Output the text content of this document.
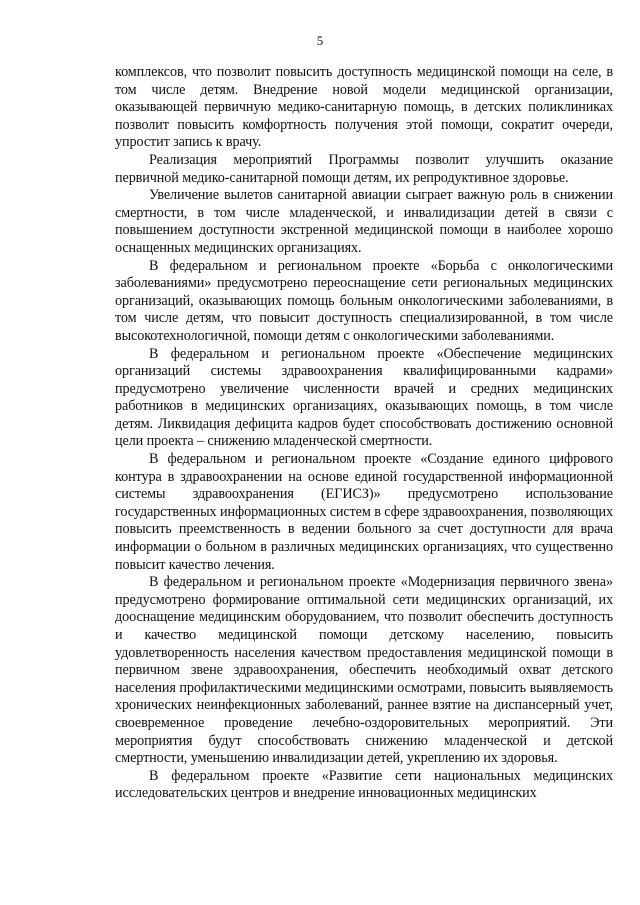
5

комплексов, что позволит повысить доступность медицинской помощи на селе, в том числе детям. Внедрение новой модели медицинской организации, оказывающей первичную медико-санитарную помощь, в детских поликлиниках позволит повысить комфортность получения этой помощи, сократит очереди, упростит запись к врачу.

Реализация мероприятий Программы позволит улучшить оказание первичной медико-санитарной помощи детям, их репродуктивное здоровье.

Увеличение вылетов санитарной авиации сыграет важную роль в снижении смертности, в том числе младенческой, и инвалидизации детей в связи с повышением доступности экстренной медицинской помощи в наиболее хорошо оснащенных медицинских организациях.

В федеральном и региональном проекте «Борьба с онкологическими заболеваниями» предусмотрено переоснащение сети региональных медицинских организаций, оказывающих помощь больным онкологическими заболеваниями, в том числе детям, что повысит доступность специализированной, в том числе высокотехнологичной, помощи детям с онкологическими заболеваниями.

В федеральном и региональном проекте «Обеспечение медицинских организаций системы здравоохранения квалифицированными кадрами» предусмотрено увеличение численности врачей и средних медицинских работников в медицинских организациях, оказывающих помощь, в том числе детям. Ликвидация дефицита кадров будет способствовать достижению основной цели проекта – снижению младенческой смертности.

В федеральном и региональном проекте «Создание единого цифрового контура в здравоохранении на основе единой государственной информационной системы здравоохранения (ЕГИСЗ)» предусмотрено использование государственных информационных систем в сфере здравоохранения, позволяющих повысить преемственность в ведении больного за счет доступности для врача информации о больном в различных медицинских организациях, что существенно повысит качество лечения.

В федеральном и региональном проекте «Модернизация первичного звена» предусмотрено формирование оптимальной сети медицинских организаций, их дооснащение медицинским оборудованием, что позволит обеспечить доступность и качество медицинской помощи детскому населению, повысить удовлетворенность населения качеством предоставления медицинской помощи в первичном звене здравоохранения, обеспечить необходимый охват детского населения профилактическими медицинскими осмотрами, повысить выявляемость хронических неинфекционных заболеваний, раннее взятие на диспансерный учет, своевременное проведение лечебно-оздоровительных мероприятий. Эти мероприятия будут способствовать снижению младенческой и детской смертности, уменьшению инвалидизации детей, укреплению их здоровья.

В федеральном проекте «Развитие сети национальных медицинских исследовательских центров и внедрение инновационных медицинских
